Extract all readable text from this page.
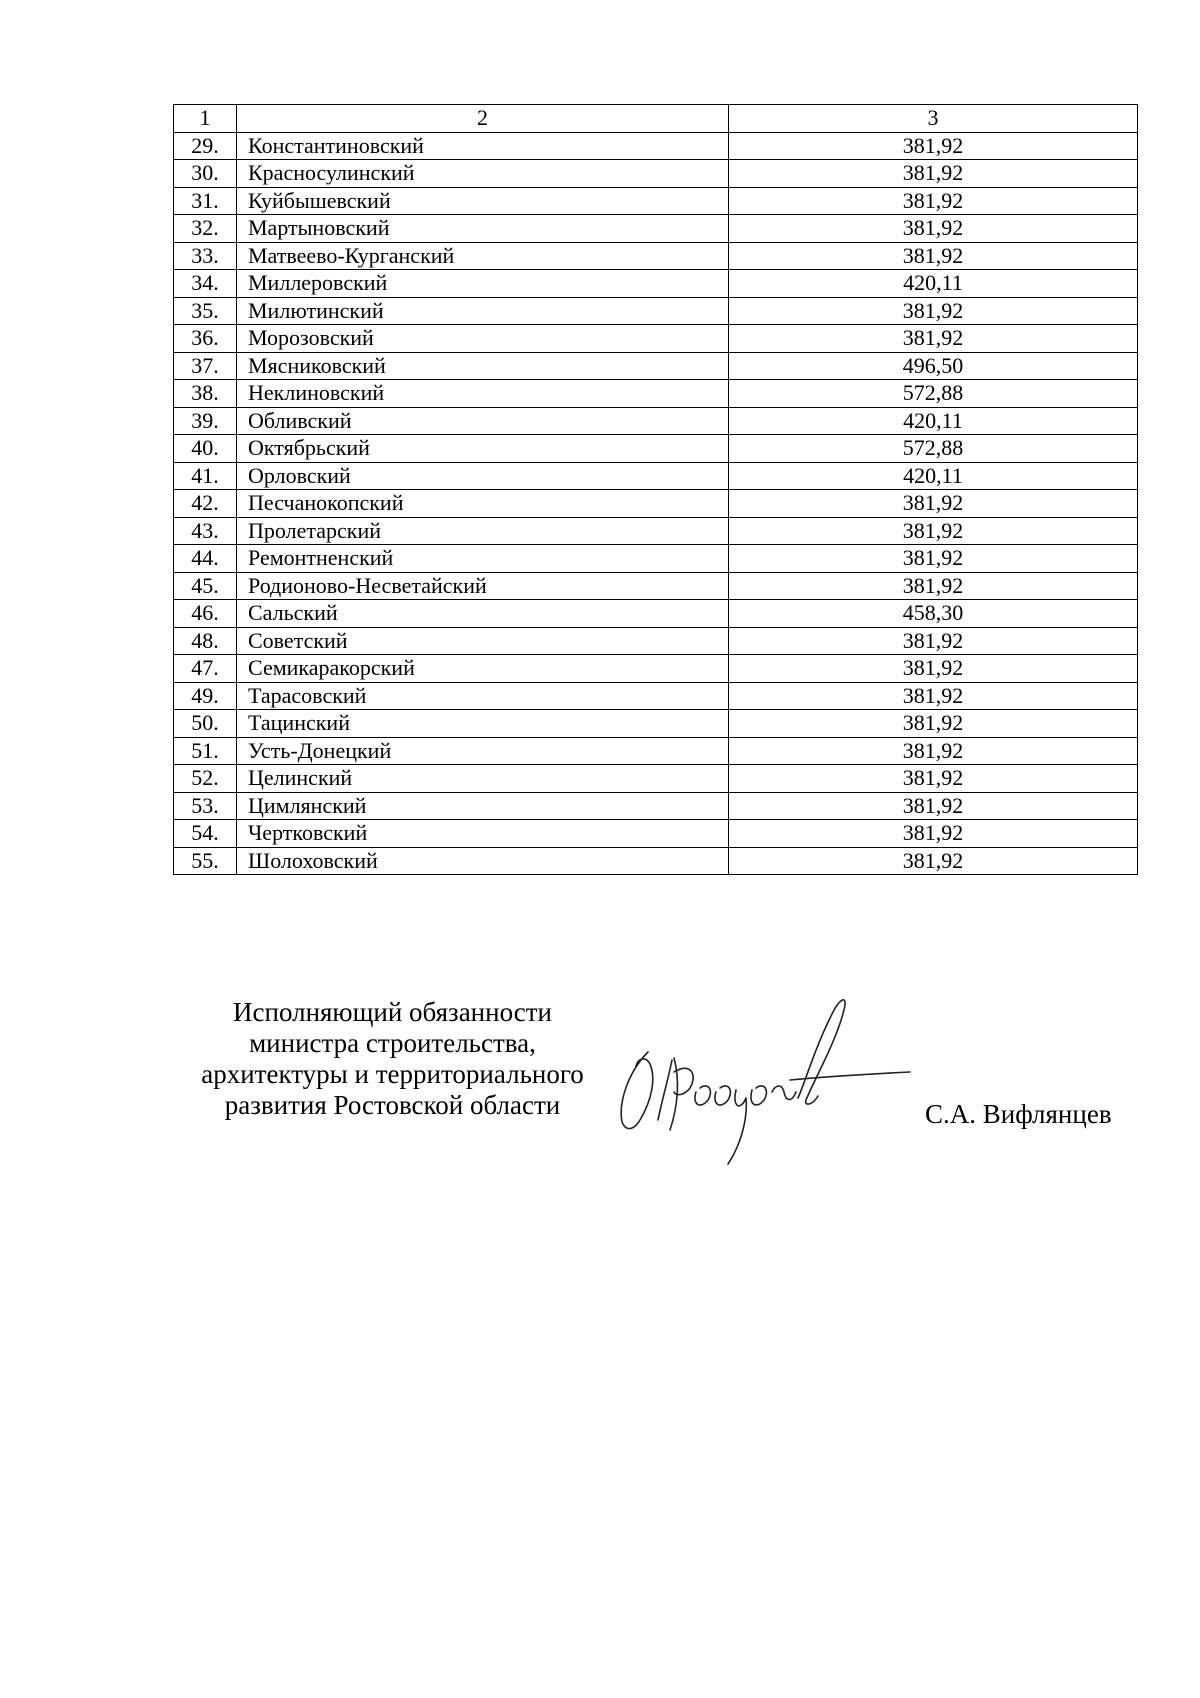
1	2	3
29.	Константиновский	381,92
30.	Красносулинский	381,92
31.	Куйбышевский	381,92
32.	Мартыновский	381,92
33.	Матвеево-Курганский	381,92
34.	Миллеровский	420,11
35.	Милютинский	381,92
36.	Морозовский	381,92
37.	Мясниковский	496,50
38.	Неклиновский	572,88
39.	Обливский	420,11
40.	Октябрьский	572,88
41.	Орловский	420,11
42.	Песчанокопский	381,92
43.	Пролетарский	381,92
44.	Ремонтненский	381,92
45.	Родионово-Несветайский	381,92
46.	Сальский	458,30
48.	Советский	381,92
47.	Семикаракорский	381,92
49.	Тарасовский	381,92
50.	Тацинский	381,92
51.	Усть-Донецкий	381,92
52.	Целинский	381,92
53.	Цимлянский	381,92
54.	Чертковский	381,92
55.	Шолоховский	381,92
Исполняющий обязанности
министра строительства,
архитектуры и территориального
развития Ростовской области	С.А. Вифлянцев
